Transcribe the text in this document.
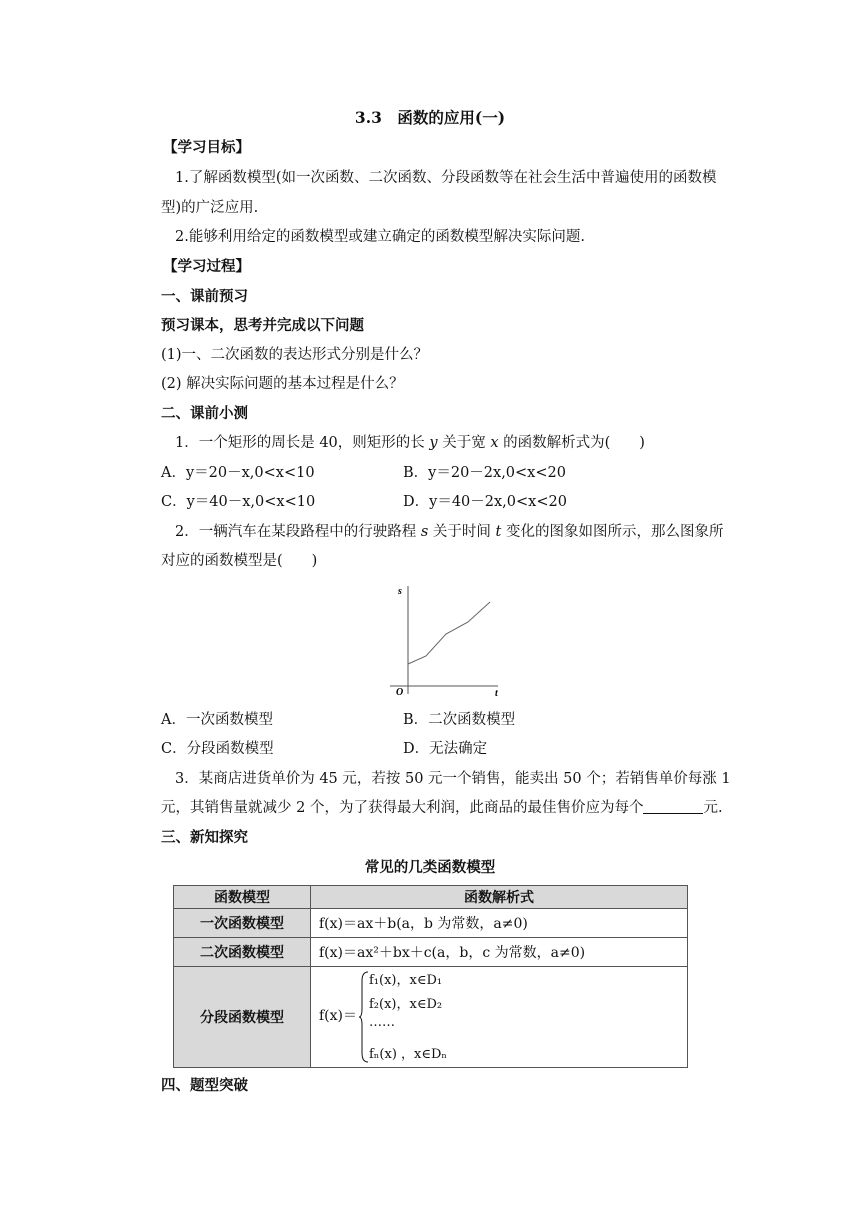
3.3　函数的应用(一)
【学习目标】
1.了解函数模型(如一次函数、二次函数、分段函数等在社会生活中普遍使用的函数模
型)的广泛应用.
2.能够利用给定的函数模型或建立确定的函数模型解决实际问题.
【学习过程】
一、课前预习
预习课本，思考并完成以下问题
(1)一、二次函数的表达形式分别是什么？
(2) 解决实际问题的基本过程是什么？
二、课前小测
1．一个矩形的周长是 40，则矩形的长 y 关于宽 x 的函数解析式为(　　)
A．y＝20－x,0<x<10	B．y＝20－2x,0<x<20
C．y＝40－x,0<x<10	D．y＝40－2x,0<x<20
2．一辆汽车在某段路程中的行驶路程 s 关于时间 t 变化的图象如图所示，那么图象所
对应的函数模型是(　　)
s
O	t
A．一次函数模型	B．二次函数模型
C．分段函数模型	D．无法确定
3．某商店进货单价为 45 元，若按 50 元一个销售，能卖出 50 个；若销售单价每涨 1
元，其销售量就减少 2 个，为了获得最大利润，此商品的最佳售价应为每个	元.
三、新知探究
常见的几类函数模型
函数模型	函数解析式
一次函数模型	f(x)＝ax＋b(a，b 为常数，a≠0)
二次函数模型	f(x)＝ax²＋bx＋c(a，b，c 为常数，a≠0)
分段函数模型	f(x)＝
f₁(x)，x∈D₁
f₂(x)，x∈D₂
……
fₙ(x) ，x∈Dₙ
四、题型突破
